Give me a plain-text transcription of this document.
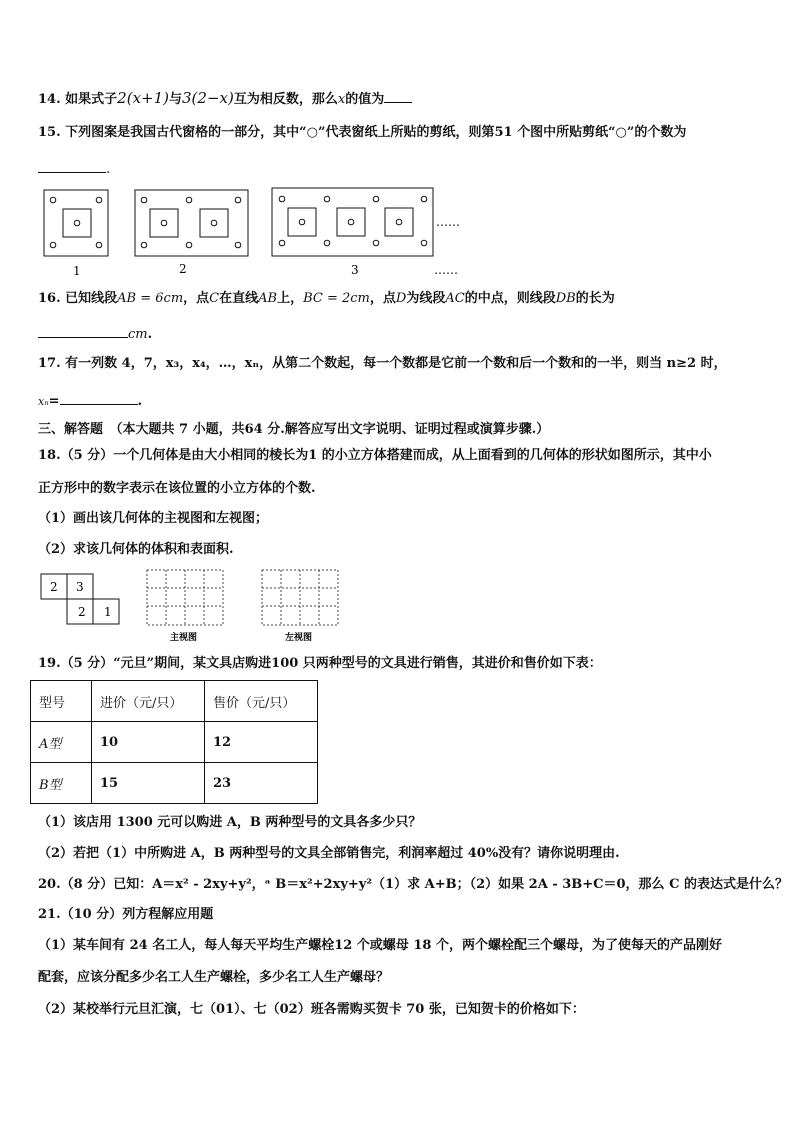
14. 如果式子2(x+1)与3(2−x)互为相反数，那么x的值为
15. 下列图案是我国古代窗格的一部分，其中“○”代表窗纸上所贴的剪纸，则第51 个图中所贴剪纸“○”的个数为
.
……
1	2	3	……
16. 已知线段AB = 6cm，点C在直线AB上，BC = 2cm，点D为线段AC的中点，则线段DB的长为
cm.
17. 有一列数 4，7，x₃，x₄，…，xₙ，从第二个数起，每一个数都是它前一个数和后一个数和的一半，则当 n≥2 时，
xₙ=	.
三、解答题　（本大题共 7 小题，共64 分.解答应写出文字说明、证明过程或演算步骤.）
18.（5 分）一个几何体是由大小相同的棱长为1 的小立方体搭建而成，从上面看到的几何体的形状如图所示，其中小
正方形中的数字表示在该位置的小立方体的个数.
（1）画出该几何体的主视图和左视图；
（2）求该几何体的体积和表面积.
2 3
2 1
主视图	左视图
19.（5 分）“元旦”期间，某文具店购进100 只两种型号的文具进行销售，其进价和售价如下表：
型号	进价（元/只）	售价（元/只）
A型	10	12
B型	15	23
（1）该店用 1300 元可以购进 A，B 两种型号的文具各多少只？
（2）若把（1）中所购进 A，B 两种型号的文具全部销售完，利润率超过 40%没有？请你说明理由.
20.（8 分）已知：A＝x² - 2xy+y²，ᵃ B＝x²+2xy+y²（1）求 A+B；（2）如果 2A - 3B+C＝0，那么 C 的表达式是什么？
21.（10 分）列方程解应用题
（1）某车间有 24 名工人，每人每天平均生产螺栓12 个或螺母 18 个，两个螺栓配三个螺母，为了使每天的产品刚好
配套，应该分配多少名工人生产螺栓，多少名工人生产螺母？
（2）某校举行元旦汇演，七（01）、七（02）班各需购买贺卡 70 张，已知贺卡的价格如下：
